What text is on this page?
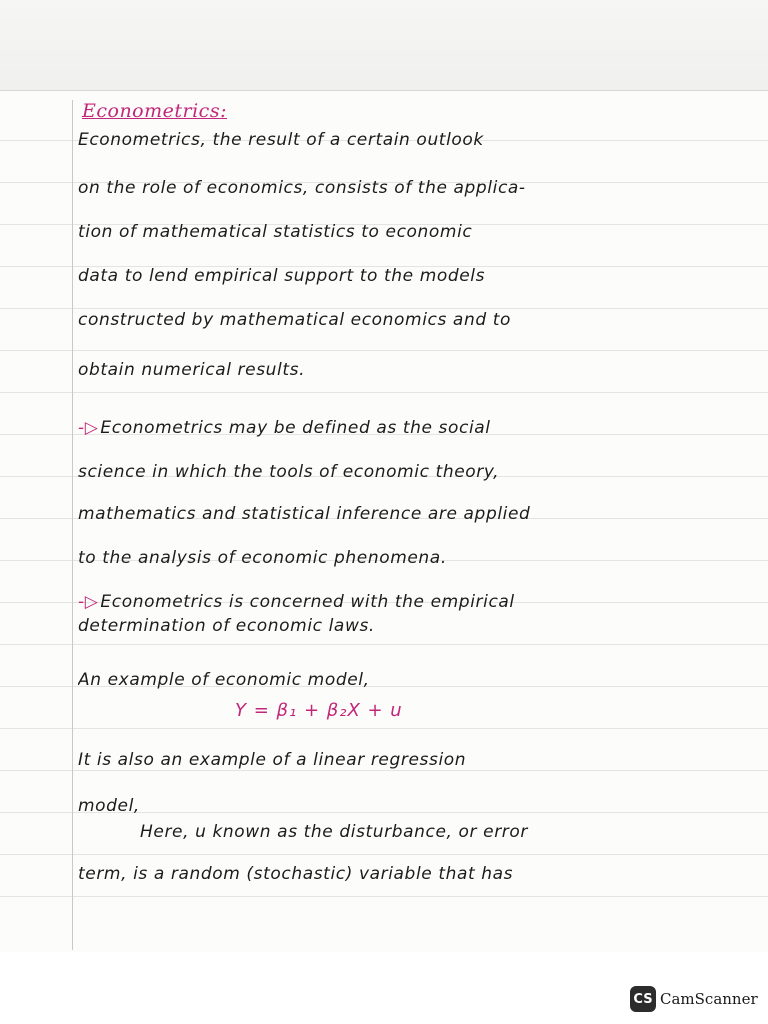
Econometrics:
Econometrics, the result of a certain outlook
on the role of economics, consists of the applica-
tion of mathematical statistics to economic
data to lend empirical support to the models
constructed by mathematical economics and to
obtain numerical results.
-▷ Econometrics may be defined as the social
science in which the tools of economic theory,
mathematics and statistical inference are applied
to the analysis of economic phenomena.
-▷ Econometrics is concerned with the empirical
determination of economic laws.
An example of economic model,
Y = β₁ + β₂X + u
It is also an example of a linear regression
model,
Here, u known as the disturbance, or error
term, is a random (stochastic) variable that has
CS CamScanner
